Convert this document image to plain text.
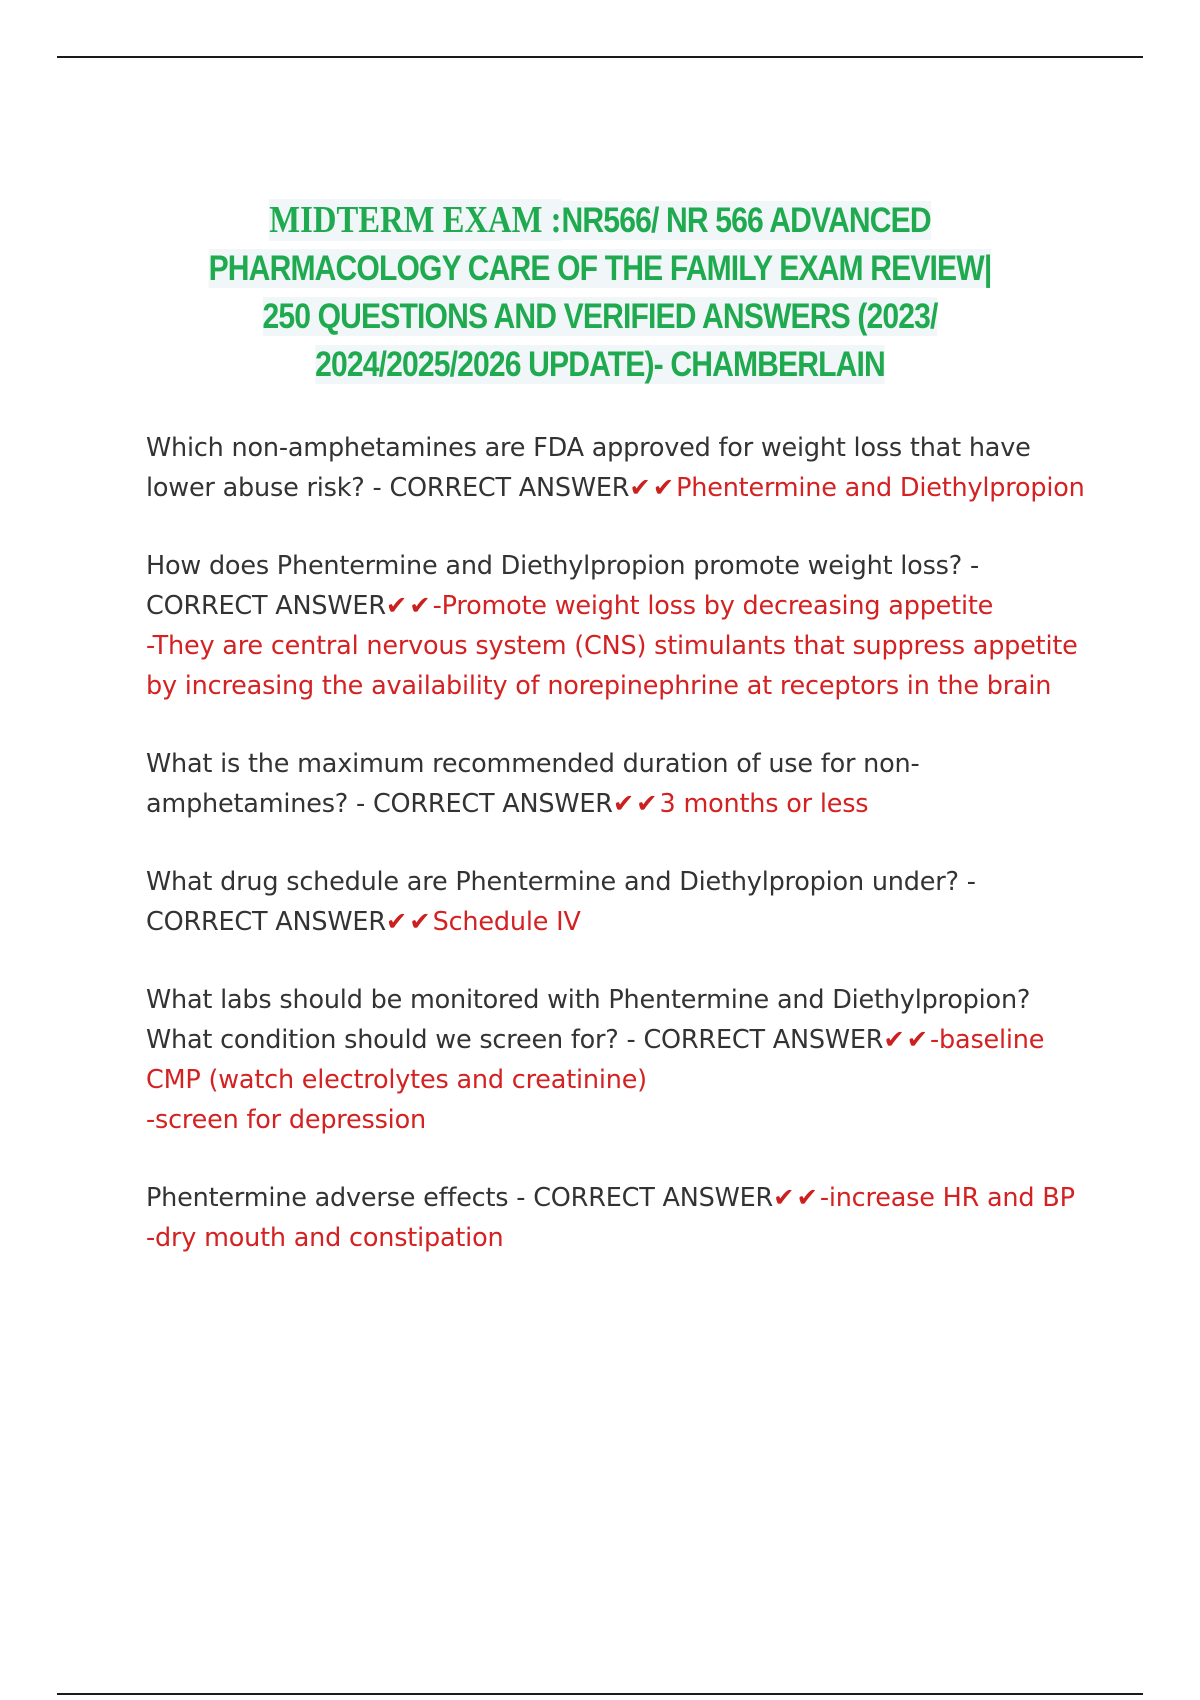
MIDTERM EXAM :NR566/ NR 566 ADVANCED PHARMACOLOGY CARE OF THE FAMILY EXAM REVIEW| 250 QUESTIONS AND VERIFIED ANSWERS (2023/ 2024/2025/2026 UPDATE)- CHAMBERLAIN
Which non-amphetamines are FDA approved for weight loss that have lower abuse risk? - CORRECT ANSWER✔✔Phentermine and Diethylpropion
How does Phentermine and Diethylpropion promote weight loss? - CORRECT ANSWER✔✔-Promote weight loss by decreasing appetite
-They are central nervous system (CNS) stimulants that suppress appetite by increasing the availability of norepinephrine at receptors in the brain
What is the maximum recommended duration of use for non-amphetamines? - CORRECT ANSWER✔✔3 months or less
What drug schedule are Phentermine and Diethylpropion under? - CORRECT ANSWER✔✔Schedule IV
What labs should be monitored with Phentermine and Diethylpropion? What condition should we screen for? - CORRECT ANSWER✔✔-baseline CMP (watch electrolytes and creatinine)
-screen for depression
Phentermine adverse effects - CORRECT ANSWER✔✔-increase HR and BP
-dry mouth and constipation
